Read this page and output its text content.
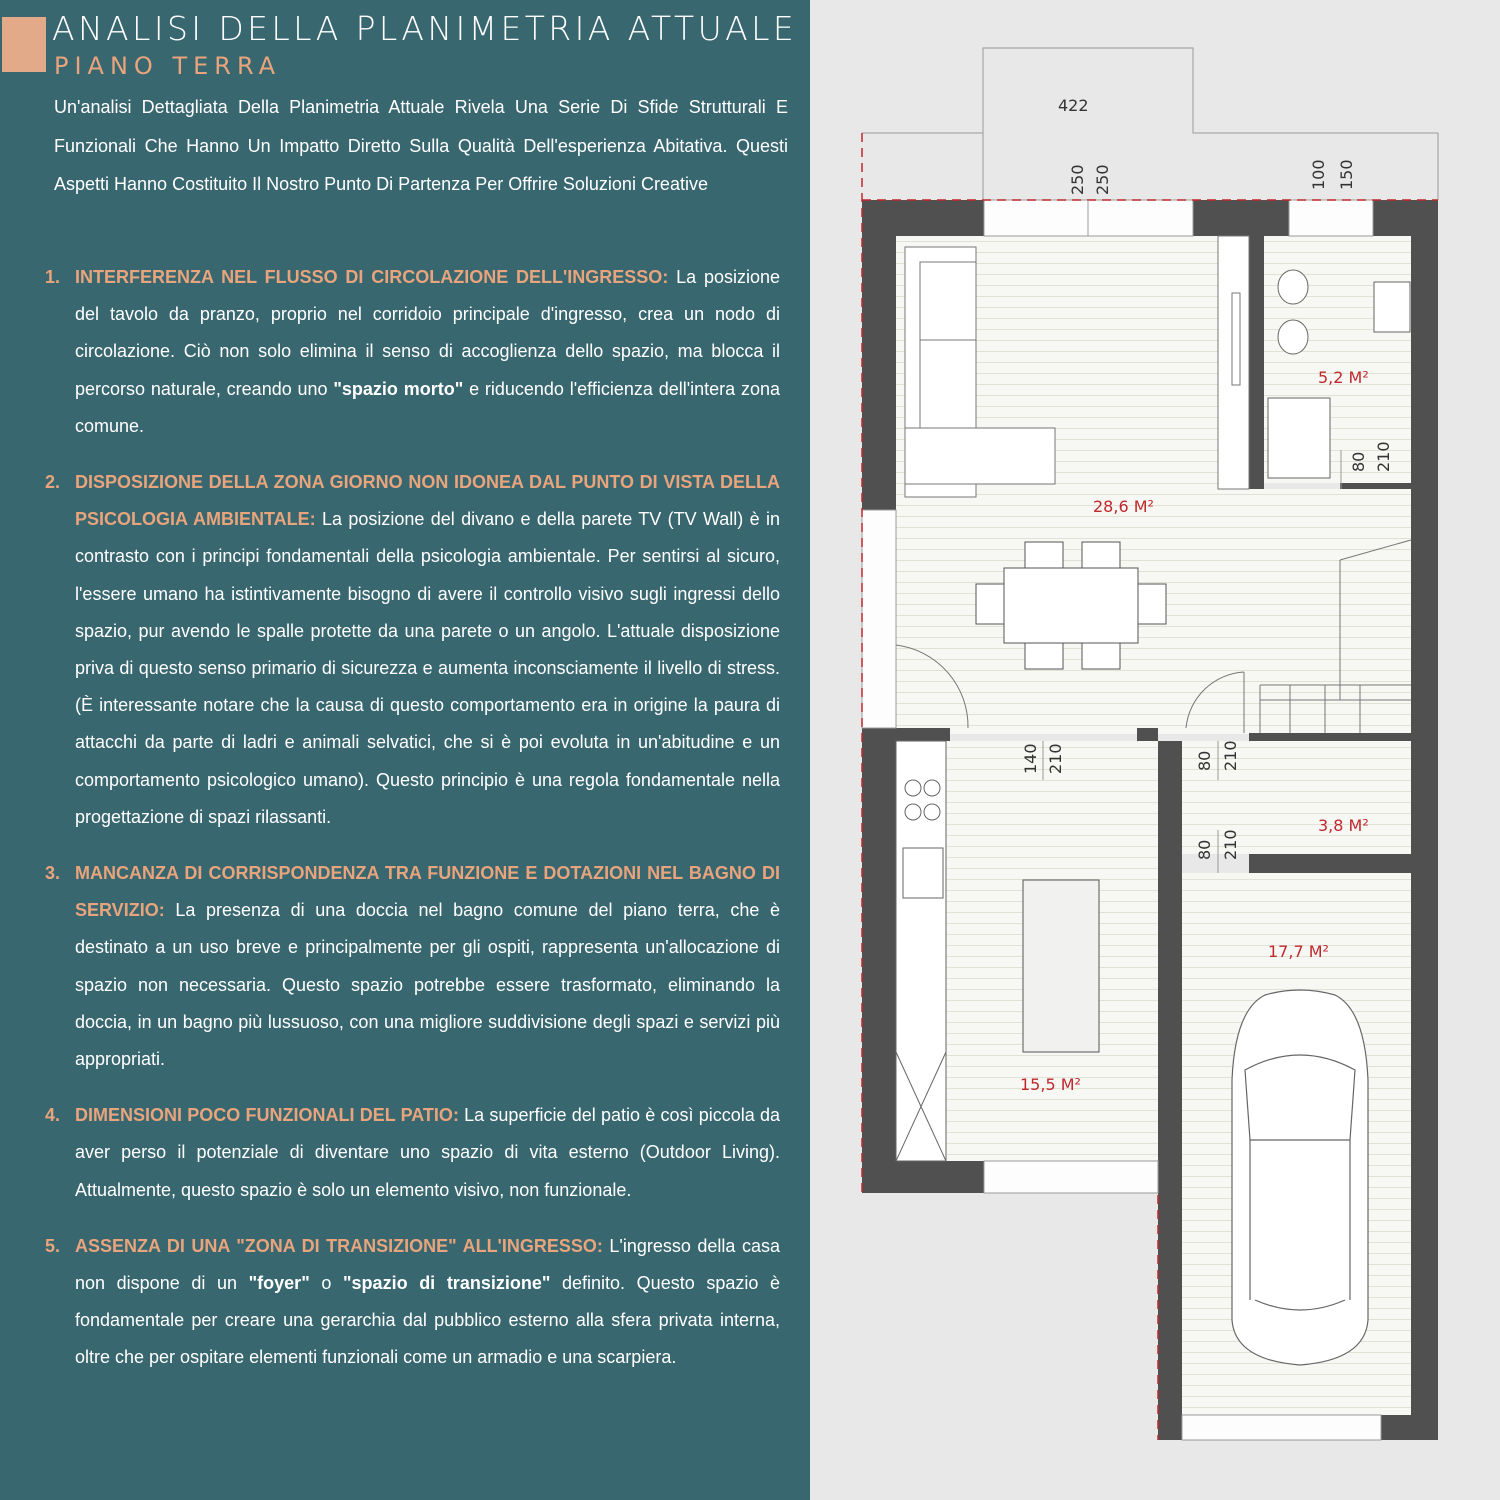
ANALISI DELLA PLANIMETRIA ATTUALE
PIANO TERRA
Un'analisi Dettagliata Della Planimetria Attuale Rivela Una Serie Di Sfide Strutturali E Funzionali Che Hanno Un Impatto Diretto Sulla Qualità Dell'esperienza Abitativa. Questi Aspetti Hanno Costituito Il Nostro Punto Di Partenza Per Offrire Soluzioni Creative
1. INTERFERENZA NEL FLUSSO DI CIRCOLAZIONE DELL'INGRESSO: La posizione del tavolo da pranzo, proprio nel corridoio principale d'ingresso, crea un nodo di circolazione. Ciò non solo elimina il senso di accoglienza dello spazio, ma blocca il percorso naturale, creando uno "spazio morto" e riducendo l'efficienza dell'intera zona comune.
2. DISPOSIZIONE DELLA ZONA GIORNO NON IDONEA DAL PUNTO DI VISTA DELLA PSICOLOGIA AMBIENTALE: La posizione del divano e della parete TV (TV Wall) è in contrasto con i principi fondamentali della psicologia ambientale. Per sentirsi al sicuro, l'essere umano ha istintivamente bisogno di avere il controllo visivo sugli ingressi dello spazio, pur avendo le spalle protette da una parete o un angolo. L'attuale disposizione priva di questo senso primario di sicurezza e aumenta inconsciamente il livello di stress. (È interessante notare che la causa di questo comportamento era in origine la paura di attacchi da parte di ladri e animali selvatici, che si è poi evoluta in un'abitudine e un comportamento psicologico umano). Questo principio è una regola fondamentale nella progettazione di spazi rilassanti.
3. MANCANZA DI CORRISPONDENZA TRA FUNZIONE E DOTAZIONI NEL BAGNO DI SERVIZIO: La presenza di una doccia nel bagno comune del piano terra, che è destinato a un uso breve e principalmente per gli ospiti, rappresenta un'allocazione di spazio non necessaria. Questo spazio potrebbe essere trasformato, eliminando la doccia, in un bagno più lussuoso, con una migliore suddivisione degli spazi e servizi più appropriati.
4. DIMENSIONI POCO FUNZIONALI DEL PATIO: La superficie del patio è così piccola da aver perso il potenziale di diventare uno spazio di vita esterno (Outdoor Living). Attualmente, questo spazio è solo un elemento visivo, non funzionale.
5. ASSENZA DI UNA "ZONA DI TRANSIZIONE" ALL'INGRESSO: L'ingresso della casa non dispone di un "foyer" o "spazio di transizione" definito. Questo spazio è fondamentale per creare una gerarchia dal pubblico esterno alla sfera privata interna, oltre che per ospitare elementi funzionali come un armadio e una scarpiera.
422
250 250	100 150
80 210
140 210	80 210
80 210
5,2 M²
28,6 M²
3,8 M²
17,7 M²
15,5 M²
